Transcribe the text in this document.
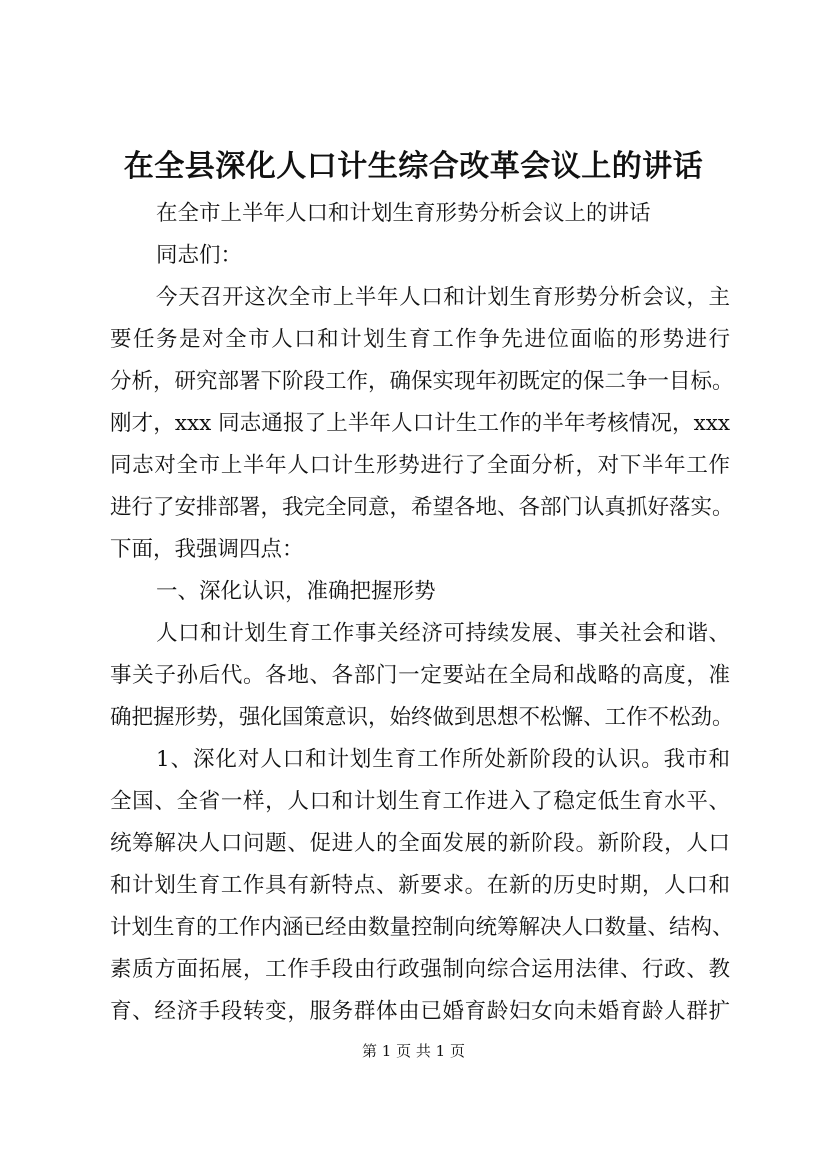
在全县深化人口计生综合改革会议上的讲话
在全市上半年人口和计划生育形势分析会议上的讲话
同志们：
今天召开这次全市上半年人口和计划生育形势分析会议，主
要任务是对全市人口和计划生育工作争先进位面临的形势进行
分析，研究部署下阶段工作，确保实现年初既定的保二争一目标。
刚才，xxx 同志通报了上半年人口计生工作的半年考核情况，xxx
同志对全市上半年人口计生形势进行了全面分析，对下半年工作
进行了安排部署，我完全同意，希望各地、各部门认真抓好落实。
下面，我强调四点：
一、深化认识，准确把握形势
人口和计划生育工作事关经济可持续发展、事关社会和谐、
事关子孙后代。各地、各部门一定要站在全局和战略的高度，准
确把握形势，强化国策意识，始终做到思想不松懈、工作不松劲。
1、深化对人口和计划生育工作所处新阶段的认识。我市和
全国、全省一样，人口和计划生育工作进入了稳定低生育水平、
统筹解决人口问题、促进人的全面发展的新阶段。新阶段，人口
和计划生育工作具有新特点、新要求。在新的历史时期，人口和
计划生育的工作内涵已经由数量控制向统筹解决人口数量、结构、
素质方面拓展，工作手段由行政强制向综合运用法律、行政、教
育、经济手段转变，服务群体由已婚育龄妇女向未婚育龄人群扩
第 1 页 共 1 页
